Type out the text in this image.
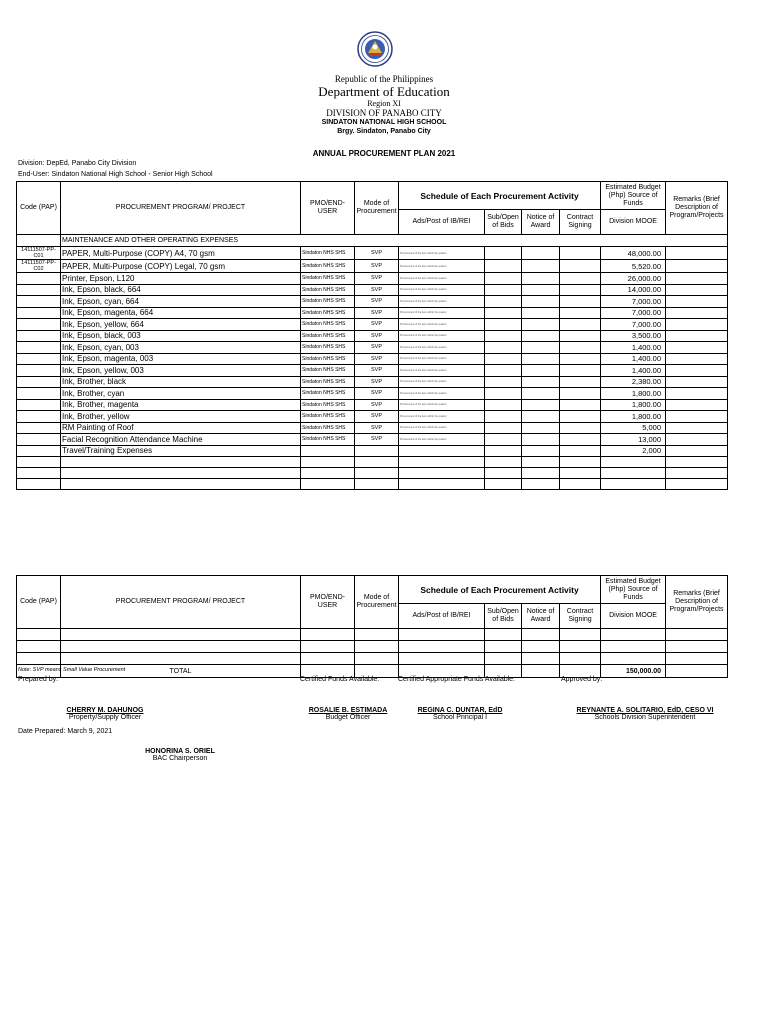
Republic of the Philippines
Department of Education
Region XI
DIVISION OF PANABO CITY
SINDATON NATIONAL HIGH SCHOOL
Brgy. Sindaton, Panabo City
ANNUAL PROCUREMENT PLAN 2021
Division: DepEd, Panabo City Division
End-User: Sindaton National High School - Senior High School
Code (PAP)	PROCUREMENT PROGRAM/ PROJECT	PMO/END-USER	Mode of Procurement	Schedule of Each Procurement Activity				Estimated Budget (Php) Source of Funds	Remarks (Brief Description of Program/Projects
				Ads/Post of IB/REI	Sub/Open of Bids	Notice of Award	Contract Signing	Division MOOE	
	MAINTENANCE AND OTHER OPERATING EXPENSES								
14111507-PP-C01	PAPER, Multi-Purpose (COPY) A4, 70 gsm	Sindaton NHS SHS	SVP	Procurement of the item within the quarter				48,000.00	
14111507-PP-C02	PAPER, Multi-Purpose (COPY) Legal, 70 gsm	Sindaton NHS SHS	SVP	Procurement of the item within the quarter				5,520.00	
	Printer, Epson, L120	Sindaton NHS SHS	SVP	Procurement of the item within the quarter				26,000.00	
	Ink, Epson, black, 664	Sindaton NHS SHS	SVP	Procurement of the item within the quarter				14,000.00	
	Ink, Epson, cyan, 664	Sindaton NHS SHS	SVP	Procurement of the item within the quarter				7,000.00	
	Ink, Epson, magenta, 664	Sindaton NHS SHS	SVP	Procurement of the item within the quarter				7,000.00	
	Ink, Epson, yellow, 664	Sindaton NHS SHS	SVP	Procurement of the item within the quarter				7,000.00	
	Ink, Epson, black, 003	Sindaton NHS SHS	SVP	Procurement of the item within the quarter				3,500.00	
	Ink, Epson, cyan, 003	Sindaton NHS SHS	SVP	Procurement of the item within the quarter				1,400.00	
	Ink, Epson, magenta, 003	Sindaton NHS SHS	SVP	Procurement of the item within the quarter				1,400.00	
	Ink, Epson, yellow, 003	Sindaton NHS SHS	SVP	Procurement of the item within the quarter				1,400.00	
	Ink, Brother, black	Sindaton NHS SHS	SVP	Procurement of the item within the quarter				2,380.00	
	Ink, Brother, cyan	Sindaton NHS SHS	SVP	Procurement of the item within the quarter				1,800.00	
	Ink, Brother, magenta	Sindaton NHS SHS	SVP	Procurement of the item within the quarter				1,800.00	
	Ink, Brother, yellow	Sindaton NHS SHS	SVP	Procurement of the item within the quarter				1,800.00	
	RM Painting of Roof	Sindaton NHS SHS	SVP	Procurement of the item within the quarter				5,000	
	Facial Recognition Attendance Machine	Sindaton NHS SHS	SVP	Procurement of the item within the quarter				13,000	
	Travel/Training Expenses							2,000	

Code (PAP)	PROCUREMENT PROGRAM/ PROJECT	PMO/END-USER	Mode of Procurement	Schedule of Each Procurement Activity				Estimated Budget (Php) Source of Funds	Remarks (Brief Description of Program/Projects
				Ads/Post of IB/REI	Sub/Open of Bids	Notice of Award	Contract Signing	Division MOOE	

	TOTAL							150,000.00	
Note: SVP means Small Value Procurement
Prepared by:	Certified Funds Available:	Certified Appropriate Funds Available:	Approved by:
CHERRY M. DAHUNOG
Property/Supply Officer
ROSALIE B. ESTIMADA
Budget Officer
REGINA C. DUNTAR, EdD
School Principal I
REYNANTE A. SOLITARIO, EdD, CESO VI
Schools Division Superintendent
Date Prepared: March 9, 2021
HONORINA S. ORIEL
BAC Chairperson
